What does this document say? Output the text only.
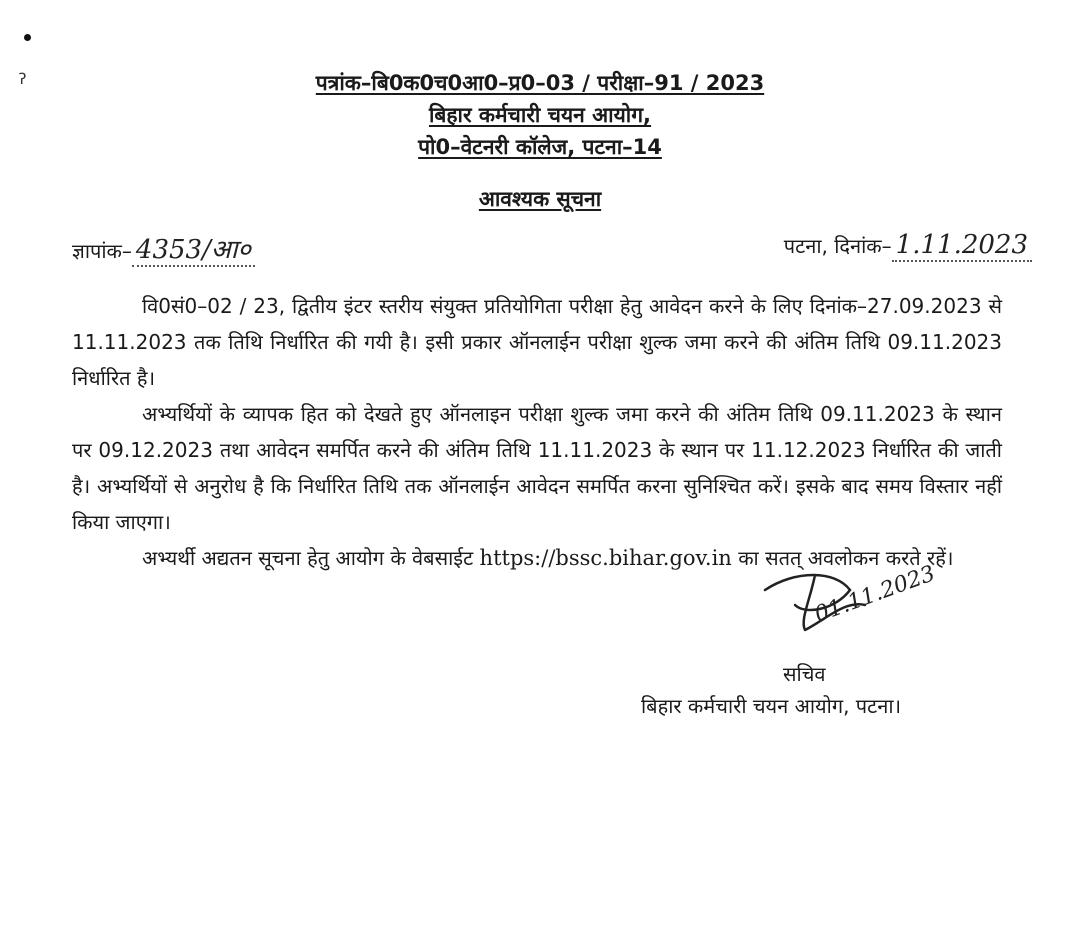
ॽ	पत्रांक–बि0क0च0आ0–प्र0–03 / परीक्षा–91 / 2023
बिहार कर्मचारी चयन आयोग,
पो0–वेटनरी कॉलेज, पटना–14
आवश्यक सूचना
ज्ञापांक– 4353/आ०	पटना, दिनांक– 1.11.2023

वि0सं0–02 / 23, द्वितीय इंटर स्तरीय संयुक्त प्रतियोगिता परीक्षा हेतु आवेदन करने के लिए दिनांक–27.09.2023 से 11.11.2023 तक तिथि निर्धारित की गयी है। इसी प्रकार ऑनलाईन परीक्षा शुल्क जमा करने की अंतिम तिथि 09.11.2023 निर्धारित है।

अभ्यर्थियों के व्यापक हित को देखते हुए ऑनलाइन परीक्षा शुल्क जमा करने की अंतिम तिथि 09.11.2023 के स्थान पर 09.12.2023 तथा आवेदन समर्पित करने की अंतिम तिथि 11.11.2023 के स्थान पर 11.12.2023 निर्धारित की जाती है। अभ्यर्थियों से अनुरोध है कि निर्धारित तिथि तक ऑनलाईन आवेदन समर्पित करना सुनिश्चित करें। इसके बाद समय विस्तार नहीं किया जाएगा।

अभ्यर्थी अद्यतन सूचना हेतु आयोग के वेबसाईट https://bssc.bihar.gov.in का सतत् अवलोकन करते रहें।

01.11.2023
सचिव
बिहार कर्मचारी चयन आयोग, पटना।
